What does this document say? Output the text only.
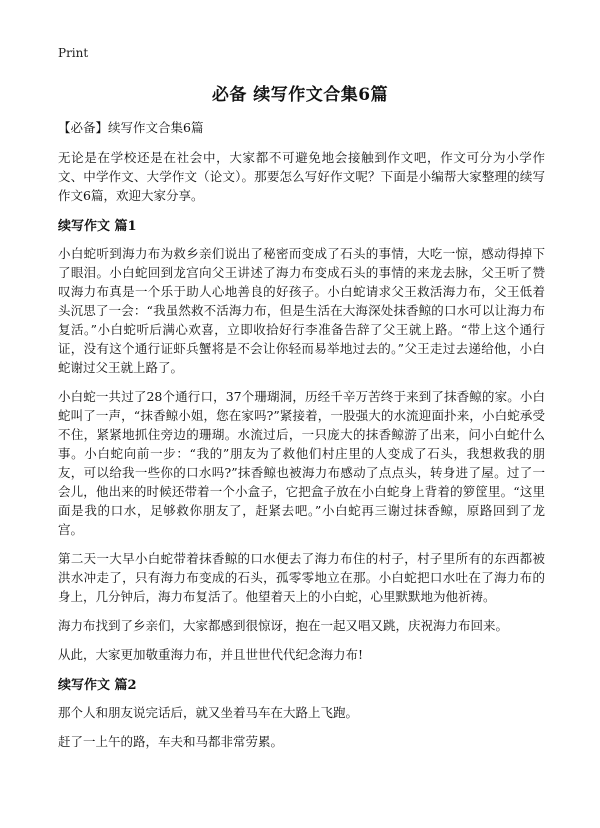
Print
必备 续写作文合集6篇
【必备】续写作文合集6篇

无论是在学校还是在社会中，大家都不可避免地会接触到作文吧，作文可分为小学作文、中学作文、大学作文（论文）。那要怎么写好作文呢？下面是小编帮大家整理的续写作文6篇，欢迎大家分享。

续写作文 篇1

小白蛇听到海力布为救乡亲们说出了秘密而变成了石头的事情，大吃一惊，感动得掉下了眼泪。小白蛇回到龙宫向父王讲述了海力布变成石头的事情的来龙去脉，父王听了赞叹海力布真是一个乐于助人心地善良的好孩子。小白蛇请求父王救活海力布，父王低着头沉思了一会：“我虽然救不活海力布，但是生活在大海深处抹香鲸的口水可以让海力布复活。”小白蛇听后满心欢喜，立即收拾好行李准备告辞了父王就上路。“带上这个通行证，没有这个通行证虾兵蟹将是不会让你轻而易举地过去的。”父王走过去递给他，小白蛇谢过父王就上路了。

小白蛇一共过了28个通行口，37个珊瑚洞，历经千辛万苦终于来到了抹香鲸的家。小白蛇叫了一声，“抹香鲸小姐，您在家吗?”紧接着，一股强大的水流迎面扑来，小白蛇承受不住，紧紧地抓住旁边的珊瑚。水流过后，一只庞大的抹香鲸游了出来，问小白蛇什么事。小白蛇向前一步：“我的”朋友为了救他们村庄里的人变成了石头，我想救我的朋友，可以给我一些你的口水吗?”抹香鲸也被海力布感动了点点头，转身进了屋。过了一会儿，他出来的时候还带着一个小盒子，它把盒子放在小白蛇身上背着的箩筐里。“这里面是我的口水，足够救你朋友了，赶紧去吧。”小白蛇再三谢过抹香鲸，原路回到了龙宫。

第二天一大早小白蛇带着抹香鲸的口水便去了海力布住的村子，村子里所有的东西都被洪水冲走了，只有海力布变成的石头，孤零零地立在那。小白蛇把口水吐在了海力布的身上，几分钟后，海力布复活了。他望着天上的小白蛇，心里默默地为他祈祷。

海力布找到了乡亲们，大家都感到很惊讶，抱在一起又唱又跳，庆祝海力布回来。

从此，大家更加敬重海力布，并且世世代代纪念海力布!

续写作文 篇2

那个人和朋友说完话后，就又坐着马车在大路上飞跑。

赶了一上午的路，车夫和马都非常劳累。
